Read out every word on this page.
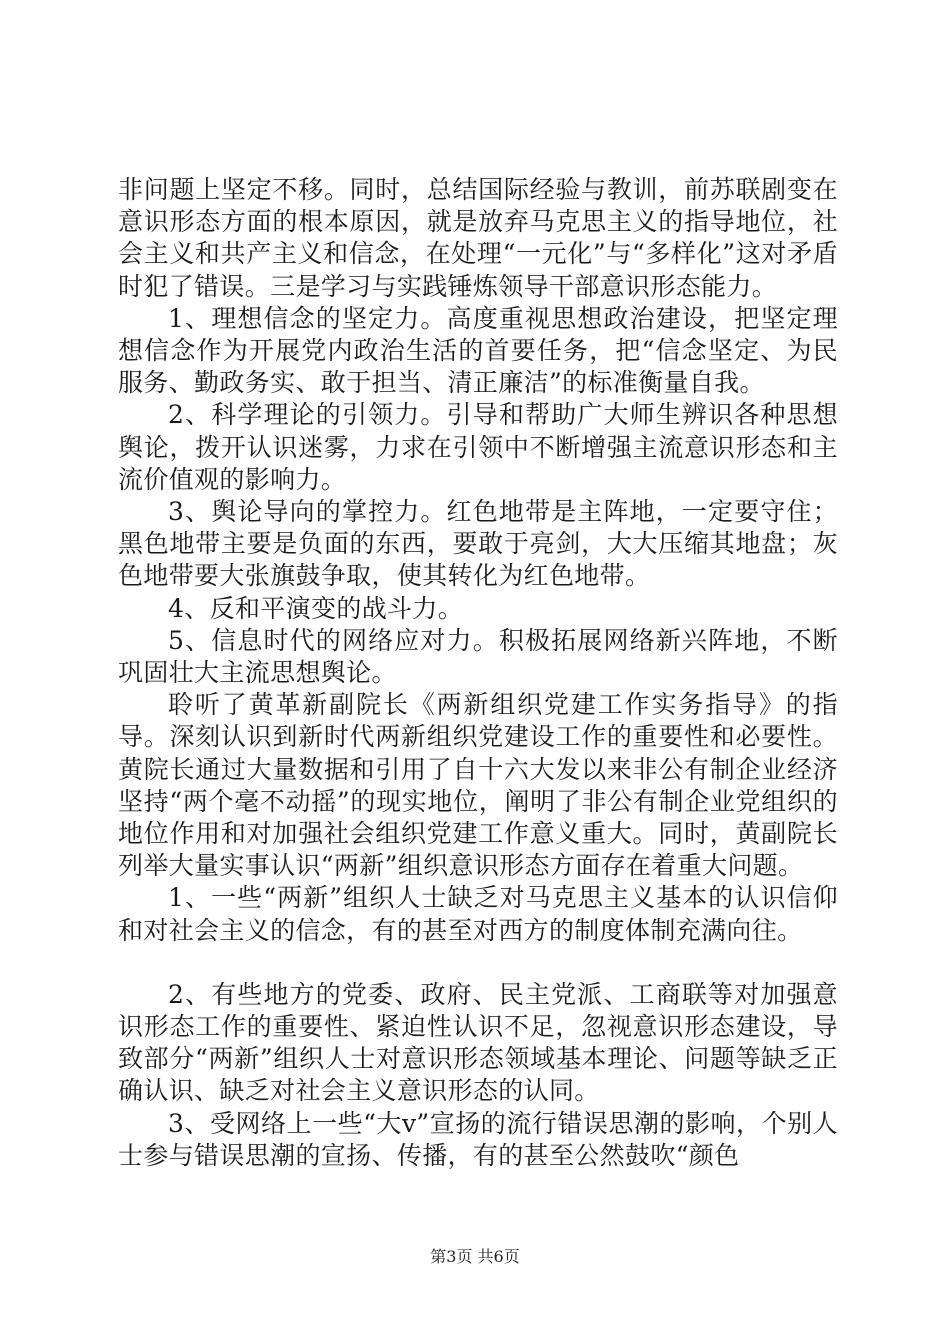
非问题上坚定不移。同时，总结国际经验与教训，前苏联剧变在意识形态方面的根本原因，就是放弃马克思主义的指导地位，社会主义和共产主义和信念，在处理“一元化”与“多样化”这对矛盾时犯了错误。三是学习与实践锤炼领导干部意识形态能力。

1、理想信念的坚定力。高度重视思想政治建设，把坚定理想信念作为开展党内政治生活的首要任务，把“信念坚定、为民服务、勤政务实、敢于担当、清正廉洁”的标准衡量自我。

2、科学理论的引领力。引导和帮助广大师生辨识各种思想舆论，拨开认识迷雾，力求在引领中不断增强主流意识形态和主流价值观的影响力。

3、舆论导向的掌控力。红色地带是主阵地，一定要守住；黑色地带主要是负面的东西，要敢于亮剑，大大压缩其地盘；灰色地带要大张旗鼓争取，使其转化为红色地带。

4、反和平演变的战斗力。

5、信息时代的网络应对力。积极拓展网络新兴阵地，不断巩固壮大主流思想舆论。

聆听了黄革新副院长《两新组织党建工作实务指导》的指导。深刻认识到新时代两新组织党建设工作的重要性和必要性。黄院长通过大量数据和引用了自十六大发以来非公有制企业经济坚持“两个毫不动摇”的现实地位，阐明了非公有制企业党组织的地位作用和对加强社会组织党建工作意义重大。同时，黄副院长列举大量实事认识“两新”组织意识形态方面存在着重大问题。

1、一些“两新”组织人士缺乏对马克思主义基本的认识信仰和对社会主义的信念，有的甚至对西方的制度体制充满向往。

2、有些地方的党委、政府、民主党派、工商联等对加强意识形态工作的重要性、紧迫性认识不足，忽视意识形态建设，导致部分“两新”组织人士对意识形态领域基本理论、问题等缺乏正确认识、缺乏对社会主义意识形态的认同。

3、受网络上一些“大v”宣扬的流行错误思潮的影响，个别人士参与错误思潮的宣扬、传播，有的甚至公然鼓吹“颜色

第3页 共6页
